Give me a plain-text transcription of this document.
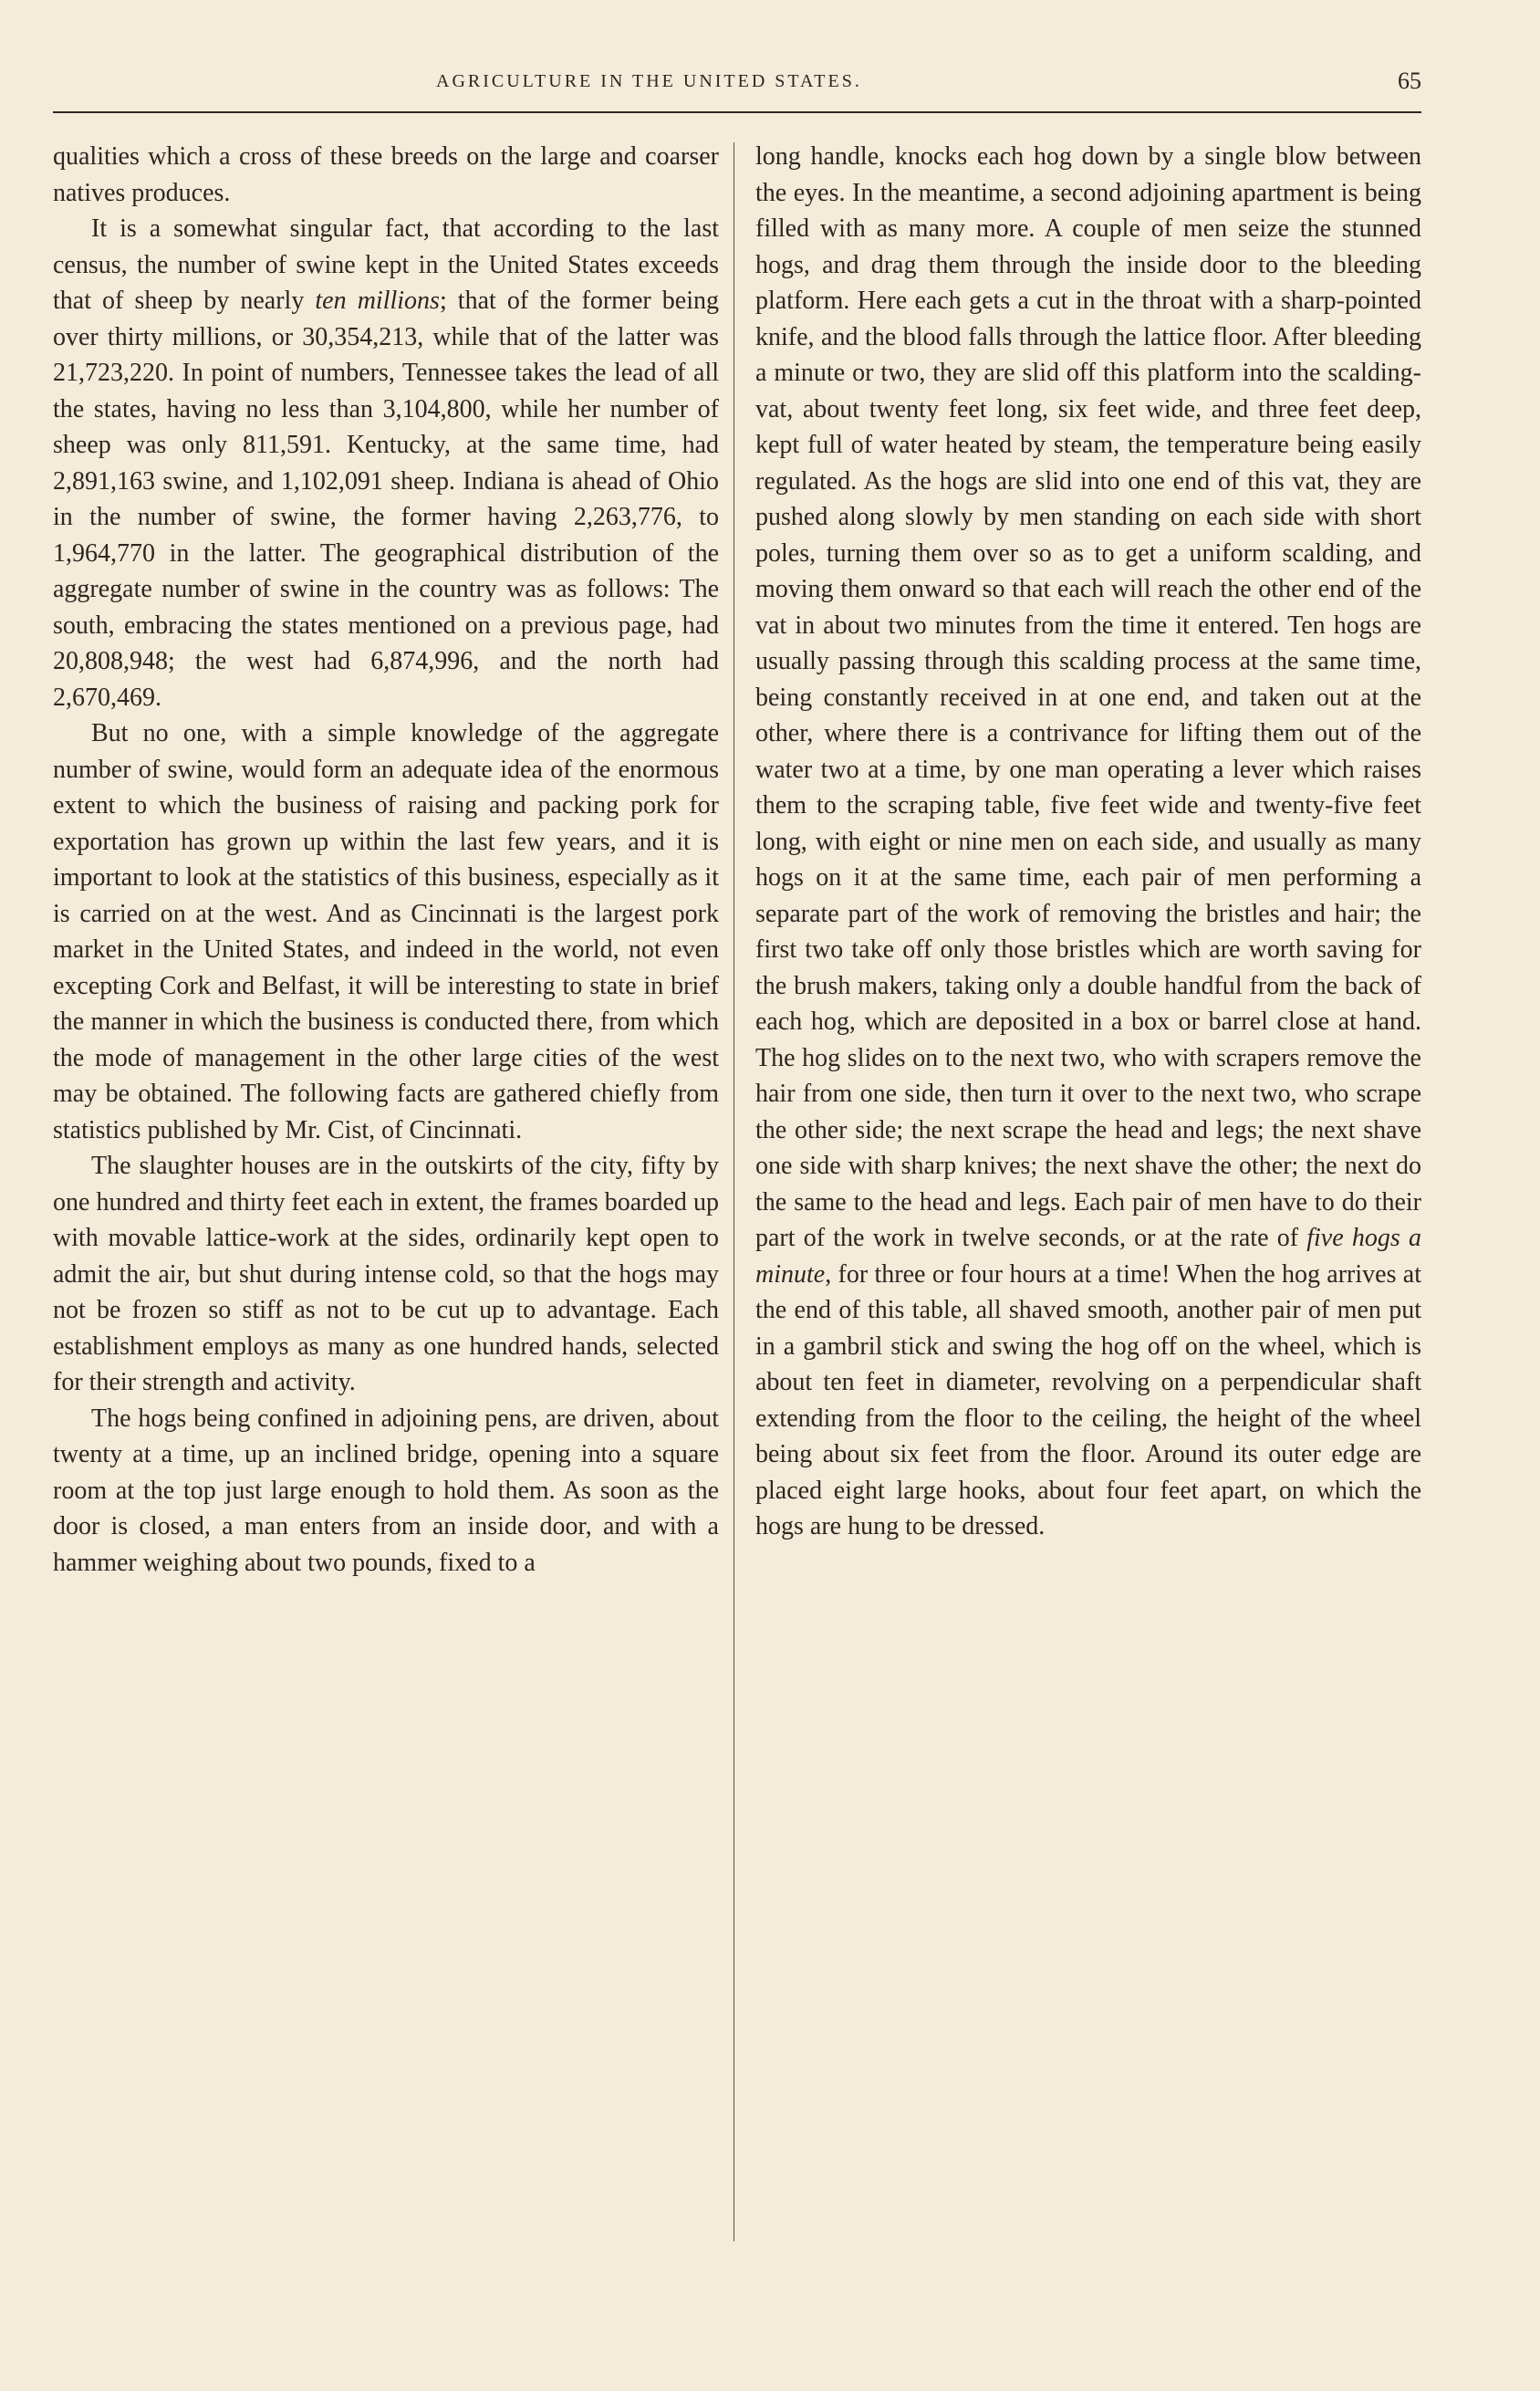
AGRICULTURE IN THE UNITED STATES.	65

qualities which a cross of these breeds on the large and coarser natives produces.

It is a somewhat singular fact, that according to the last census, the number of swine kept in the United States exceeds that of sheep by nearly ten millions; that of the former being over thirty millions, or 30,354,213, while that of the latter was 21,723,220. In point of numbers, Tennessee takes the lead of all the states, having no less than 3,104,800, while her number of sheep was only 811,591. Kentucky, at the same time, had 2,891,163 swine, and 1,102,091 sheep. Indiana is ahead of Ohio in the number of swine, the former having 2,263,776, to 1,964,770 in the latter. The geographical distribution of the aggregate number of swine in the country was as follows: The south, embracing the states mentioned on a previous page, had 20,808,948; the west had 6,874,996, and the north had 2,670,469.

But no one, with a simple knowledge of the aggregate number of swine, would form an adequate idea of the enormous extent to which the business of raising and packing pork for exportation has grown up within the last few years, and it is important to look at the statistics of this business, especially as it is carried on at the west. And as Cincinnati is the largest pork market in the United States, and indeed in the world, not even excepting Cork and Belfast, it will be interesting to state in brief the manner in which the business is conducted there, from which the mode of management in the other large cities of the west may be obtained. The following facts are gathered chiefly from statistics published by Mr. Cist, of Cincinnati.

The slaughter houses are in the outskirts of the city, fifty by one hundred and thirty feet each in extent, the frames boarded up with movable lattice-work at the sides, ordinarily kept open to admit the air, but shut during intense cold, so that the hogs may not be frozen so stiff as not to be cut up to advantage. Each establishment employs as many as one hundred hands, selected for their strength and activity.

The hogs being confined in adjoining pens, are driven, about twenty at a time, up an inclined bridge, opening into a square room at the top just large enough to hold them. As soon as the door is closed, a man enters from an inside door, and with a hammer weighing about two pounds, fixed to a

long handle, knocks each hog down by a single blow between the eyes. In the meantime, a second adjoining apartment is being filled with as many more. A couple of men seize the stunned hogs, and drag them through the inside door to the bleeding platform. Here each gets a cut in the throat with a sharp-pointed knife, and the blood falls through the lattice floor. After bleeding a minute or two, they are slid off this platform into the scalding-vat, about twenty feet long, six feet wide, and three feet deep, kept full of water heated by steam, the temperature being easily regulated. As the hogs are slid into one end of this vat, they are pushed along slowly by men standing on each side with short poles, turning them over so as to get a uniform scalding, and moving them onward so that each will reach the other end of the vat in about two minutes from the time it entered. Ten hogs are usually passing through this scalding process at the same time, being constantly received in at one end, and taken out at the other, where there is a contrivance for lifting them out of the water two at a time, by one man operating a lever which raises them to the scraping table, five feet wide and twenty-five feet long, with eight or nine men on each side, and usually as many hogs on it at the same time, each pair of men performing a separate part of the work of removing the bristles and hair; the first two take off only those bristles which are worth saving for the brush makers, taking only a double handful from the back of each hog, which are deposited in a box or barrel close at hand. The hog slides on to the next two, who with scrapers remove the hair from one side, then turn it over to the next two, who scrape the other side; the next scrape the head and legs; the next shave one side with sharp knives; the next shave the other; the next do the same to the head and legs. Each pair of men have to do their part of the work in twelve seconds, or at the rate of five hogs a minute, for three or four hours at a time! When the hog arrives at the end of this table, all shaved smooth, another pair of men put in a gambril stick and swing the hog off on the wheel, which is about ten feet in diameter, revolving on a perpendicular shaft extending from the floor to the ceiling, the height of the wheel being about six feet from the floor. Around its outer edge are placed eight large hooks, about four feet apart, on which the hogs are hung to be dressed.
